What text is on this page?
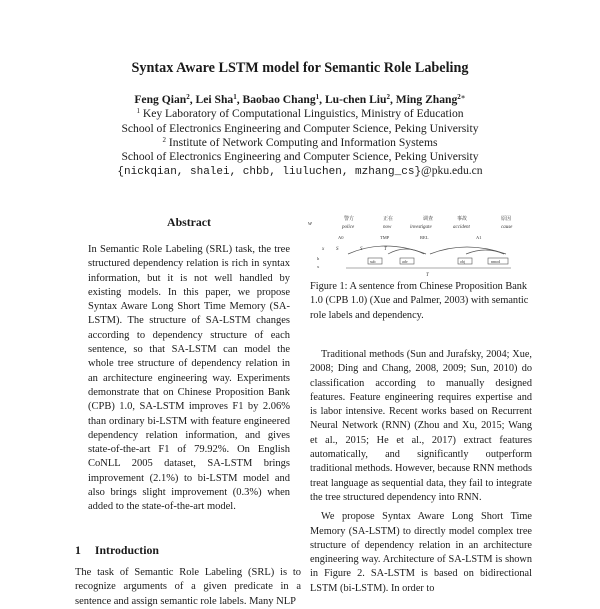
Syntax Aware LSTM model for Semantic Role Labeling
Feng Qian$^2$, Lei Sha$^1$, Baobao Chang$^1$, Lu-chen Liu$^2$, Ming Zhang$^{2∗}$
$^1$ Key Laboratory of Computational Linguistics, Ministry of Education
School of Electronics Engineering and Computer Science, Peking University
$^2$ Institute of Network Computing and Information Systems
School of Electronics Engineering and Computer Science, Peking University
{nickqian, shalei, chbb, liuluchen, mzhang_cs}@pku.edu.cn
Abstract
In Semantic Role Labeling (SRL) task, the tree structured dependency relation is rich in syntax information, but it is not well handled by existing models. In this paper, we propose Syntax Aware Long Short Time Memory (SA-LSTM). The structure of SA-LSTM changes according to dependency structure of each sentence, so that SA-LSTM can model the whole tree structure of dependency relation in an architecture engineering way. Experiments demonstrate that on Chinese Proposition Bank (CPB) 1.0, SA-LSTM improves F1 by 2.06% than ordinary bi-LSTM with feature engineered dependency relation information, and gives state-of-the-art F1 of 79.92%. On English CoNLL 2005 dataset, SA-LSTM brings improvement (2.1%) to bi-LSTM model and also brings slight improvement (0.3%) when added to the state-of-the-art model.
1 Introduction
The task of Semantic Role Labeling (SRL) is to recognize arguments of a given predicate in a sentence and assign semantic role labels. Many NLP
w
警方	正在	调查	事故	原因
police	now	investigate	accident	cause
A0	TMP	REL	A1
x S	S	T
h
x
sub	adv	obj	nmod
T
Figure 1: A sentence from Chinese Proposition Bank 1.0 (CPB 1.0) (Xue and Palmer, 2003) with semantic role labels and dependency.

Traditional methods (Sun and Jurafsky, 2004; Xue, 2008; Ding and Chang, 2008, 2009; Sun, 2010) do classification according to manually designed features. Feature engineering requires expertise and is labor intensive. Recent works based on Recurrent Neural Network (RNN) (Zhou and Xu, 2015; Wang et al., 2015; He et al., 2017) extract features automatically, and significantly outperform traditional methods. However, because RNN methods treat language as sequential data, they fail to integrate the tree structured dependency into RNN.

We propose Syntax Aware Long Short Time Memory (SA-LSTM) to directly model complex tree structure of dependency relation in an architecture engineering way. Architecture of SA-LSTM is shown in Figure 2. SA-LSTM is based on bidirectional LSTM (bi-LSTM). In order to
